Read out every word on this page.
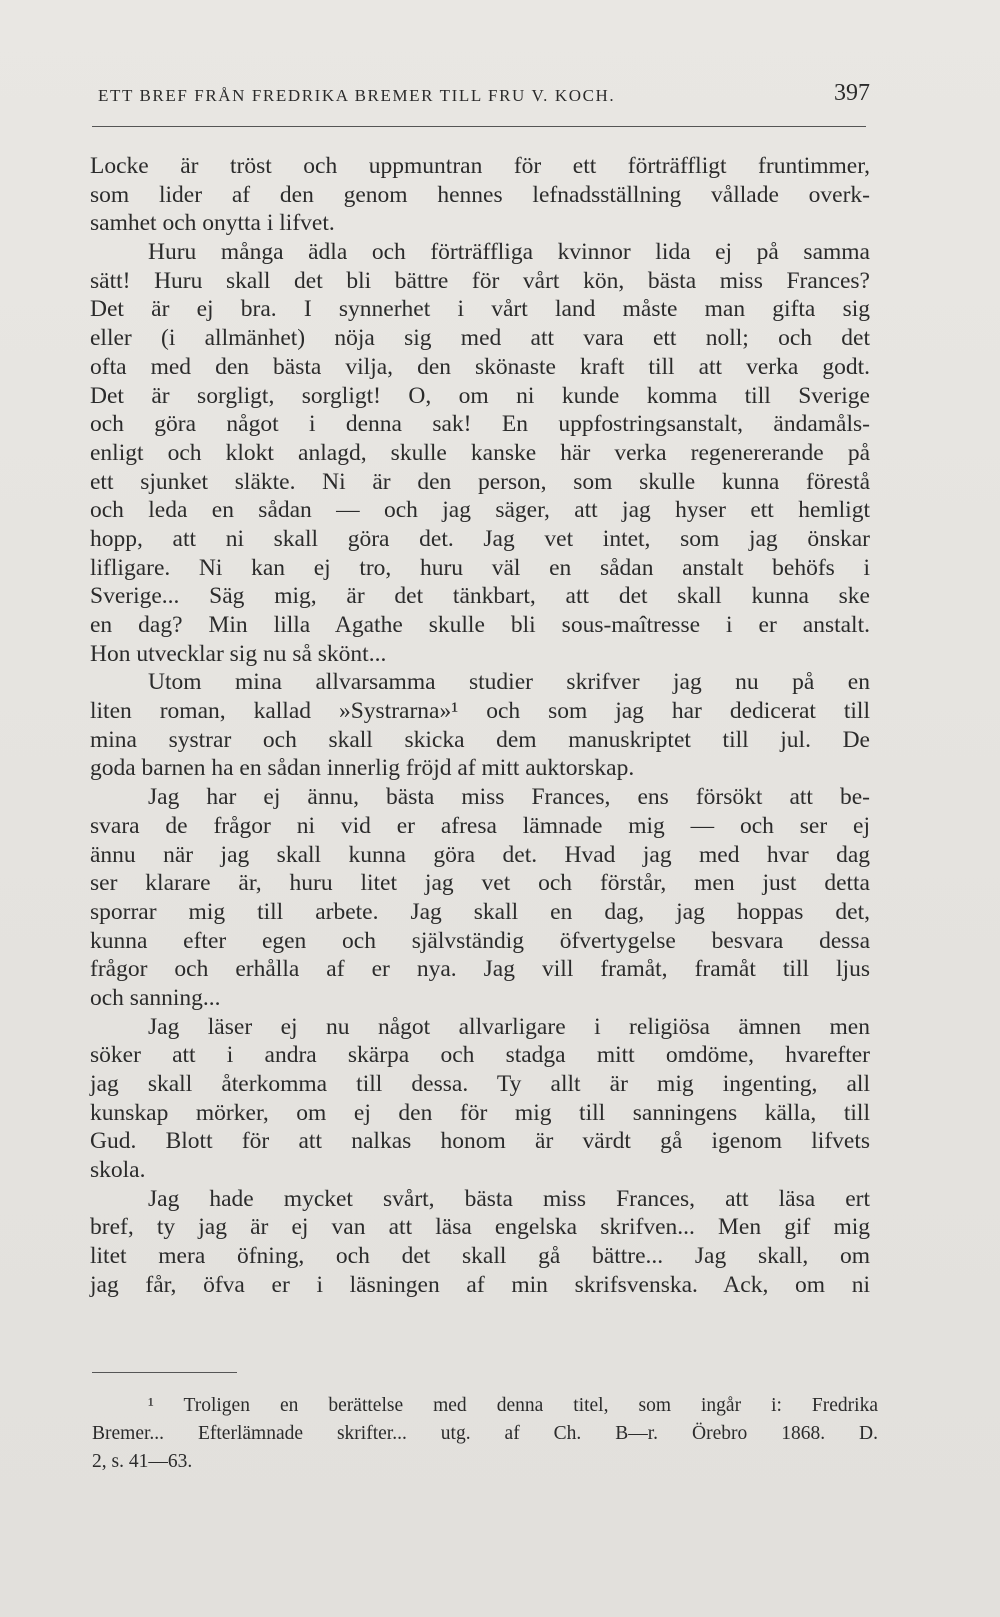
ETT BREF FRÅN FREDRIKA BREMER TILL FRU V. KOCH.	397
Locke är tröst och uppmuntran för ett förträffligt fruntimmer,
som lider af den genom hennes lefnadsställning vållade overk-
samhet och onytta i lifvet.
Huru många ädla och förträffliga kvinnor lida ej på samma
sätt! Huru skall det bli bättre för vårt kön, bästa miss Frances?
Det är ej bra. I synnerhet i vårt land måste man gifta sig
eller (i allmänhet) nöja sig med att vara ett noll; och det
ofta med den bästa vilja, den skönaste kraft till att verka godt.
Det är sorgligt, sorgligt! O, om ni kunde komma till Sverige
och göra något i denna sak! En uppfostringsanstalt, ändamåls-
enligt och klokt anlagd, skulle kanske här verka regenererande på
ett sjunket släkte. Ni är den person, som skulle kunna förestå
och leda en sådan — och jag säger, att jag hyser ett hemligt
hopp, att ni skall göra det. Jag vet intet, som jag önskar
lifligare. Ni kan ej tro, huru väl en sådan anstalt behöfs i
Sverige... Säg mig, är det tänkbart, att det skall kunna ske
en dag? Min lilla Agathe skulle bli sous-maîtresse i er anstalt.
Hon utvecklar sig nu så skönt...
Utom mina allvarsamma studier skrifver jag nu på en
liten roman, kallad »Systrarna»¹ och som jag har dedicerat till
mina systrar och skall skicka dem manuskriptet till jul. De
goda barnen ha en sådan innerlig fröjd af mitt auktorskap.
Jag har ej ännu, bästa miss Frances, ens försökt att be-
svara de frågor ni vid er afresa lämnade mig — och ser ej
ännu när jag skall kunna göra det. Hvad jag med hvar dag
ser klarare är, huru litet jag vet och förstår, men just detta
sporrar mig till arbete. Jag skall en dag, jag hoppas det,
kunna efter egen och självständig öfvertygelse besvara dessa
frågor och erhålla af er nya. Jag vill framåt, framåt till ljus
och sanning...
Jag läser ej nu något allvarligare i religiösa ämnen men
söker att i andra skärpa och stadga mitt omdöme, hvarefter
jag skall återkomma till dessa. Ty allt är mig ingenting, all
kunskap mörker, om ej den för mig till sanningens källa, till
Gud. Blott för att nalkas honom är värdt gå igenom lifvets
skola.
Jag hade mycket svårt, bästa miss Frances, att läsa ert
bref, ty jag är ej van att läsa engelska skrifven... Men gif mig
litet mera öfning, och det skall gå bättre... Jag skall, om
jag får, öfva er i läsningen af min skrifsvenska. Ack, om ni
¹ Troligen en berättelse med denna titel, som ingår i: Fredrika
Bremer... Efterlämnade skrifter... utg. af Ch. B—r. Örebro 1868. D.
2, s. 41—63.
